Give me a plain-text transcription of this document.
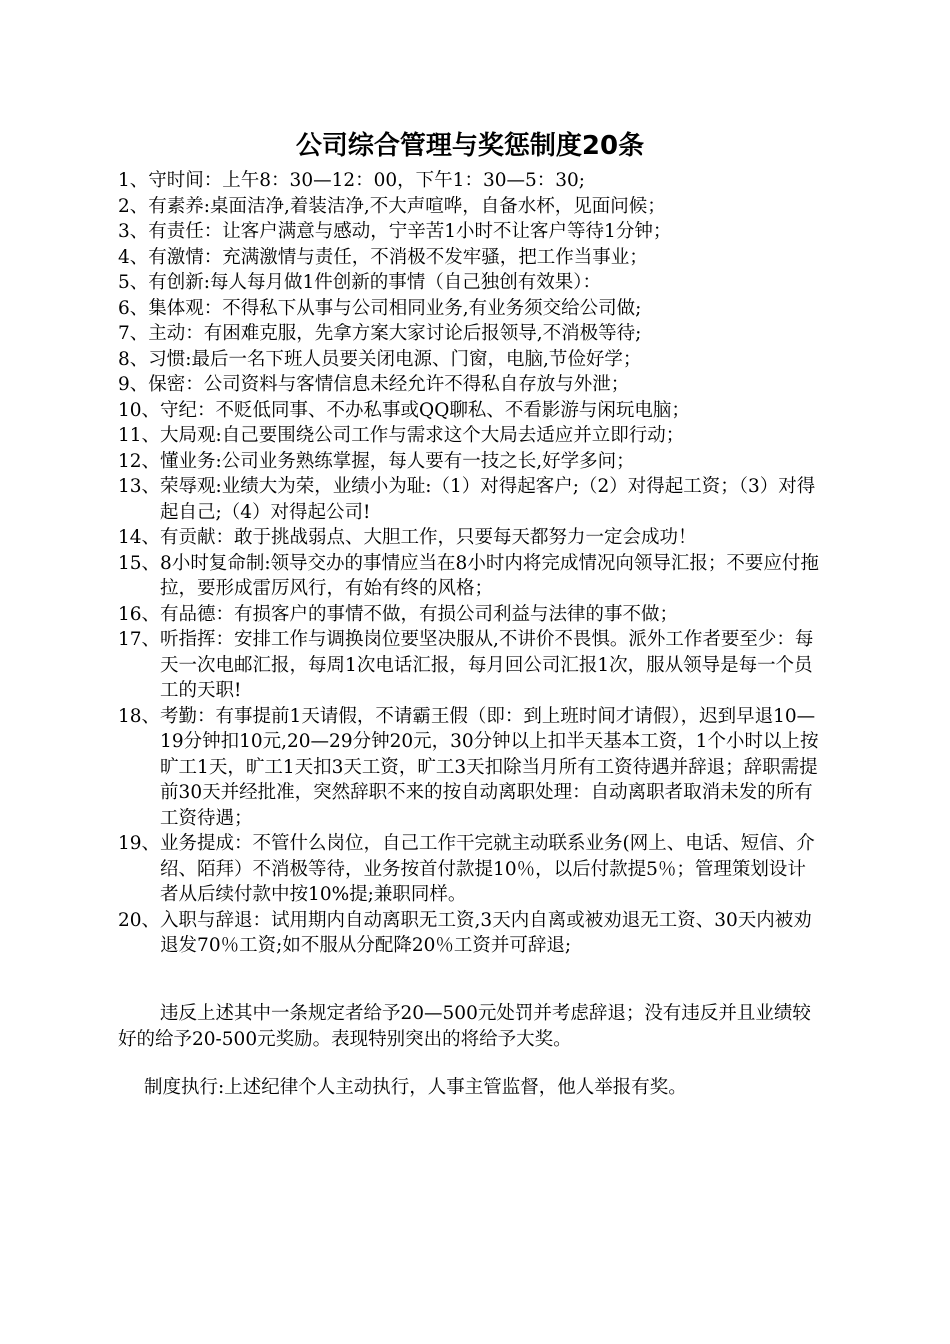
公司综合管理与奖惩制度20条
1、 守时间：上午8：30—12：00，下午1：30—5：30;
2、 有素养:桌面洁净,着装洁净,不大声喧哗，自备水杯，见面问候；
3、 有责任：让客户满意与感动，宁辛苦1小时不让客户等待1分钟；
4、 有激情：充满激情与责任，不消极不发牢骚，把工作当事业；
5、 有创新:每人每月做1件创新的事情（自己独创有效果）：
6、 集体观：不得私下从事与公司相同业务,有业务须交给公司做;
7、 主动：有困难克服，先拿方案大家讨论后报领导,不消极等待;
8、 习惯:最后一名下班人员要关闭电源、门窗，电脑,节俭好学；
9、 保密：公司资料与客情信息未经允许不得私自存放与外泄；
10、 守纪：不贬低同事、不办私事或QQ聊私、不看影游与闲玩电脑；
11、 大局观:自己要围绕公司工作与需求这个大局去适应并立即行动；
12、 懂业务:公司业务熟练掌握，每人要有一技之长,好学多问；
13、 荣辱观:业绩大为荣，业绩小为耻:（1）对得起客户;（2）对得起工资；（3）对得起自己;（4）对得起公司!
14、 有贡献：敢于挑战弱点、大胆工作，只要每天都努力一定会成功！
15、 8小时复命制:领导交办的事情应当在8小时内将完成情况向领导汇报；不要应付拖拉，要形成雷厉风行，有始有终的风格；
16、 有品德：有损客户的事情不做，有损公司利益与法律的事不做；
17、 听指挥：安排工作与调换岗位要坚决服从,不讲价不畏惧。派外工作者要至少：每天一次电邮汇报，每周1次电话汇报，每月回公司汇报1次，服从领导是每一个员工的天职!
18、 考勤：有事提前1天请假，不请霸王假（即：到上班时间才请假），迟到早退10—19分钟扣10元,20—29分钟20元，30分钟以上扣半天基本工资，1个小时以上按旷工1天，旷工1天扣3天工资，旷工3天扣除当月所有工资待遇并辞退；辞职需提前30天并经批准，突然辞职不来的按自动离职处理：自动离职者取消未发的所有工资待遇；
19、 业务提成：不管什么岗位，自己工作干完就主动联系业务(网上、电话、短信、介绍、陌拜）不消极等待，业务按首付款提10％，以后付款提5％；管理策划设计者从后续付款中按10%提;兼职同样。
20、 入职与辞退：试用期内自动离职无工资,3天内自离或被劝退无工资、30天内被劝退发70％工资;如不服从分配降20％工资并可辞退;

违反上述其中一条规定者给予20—500元处罚并考虑辞退；没有违反并且业绩较好的给予20-500元奖励。表现特别突出的将给予大奖。

制度执行:上述纪律个人主动执行，人事主管监督，他人举报有奖。
